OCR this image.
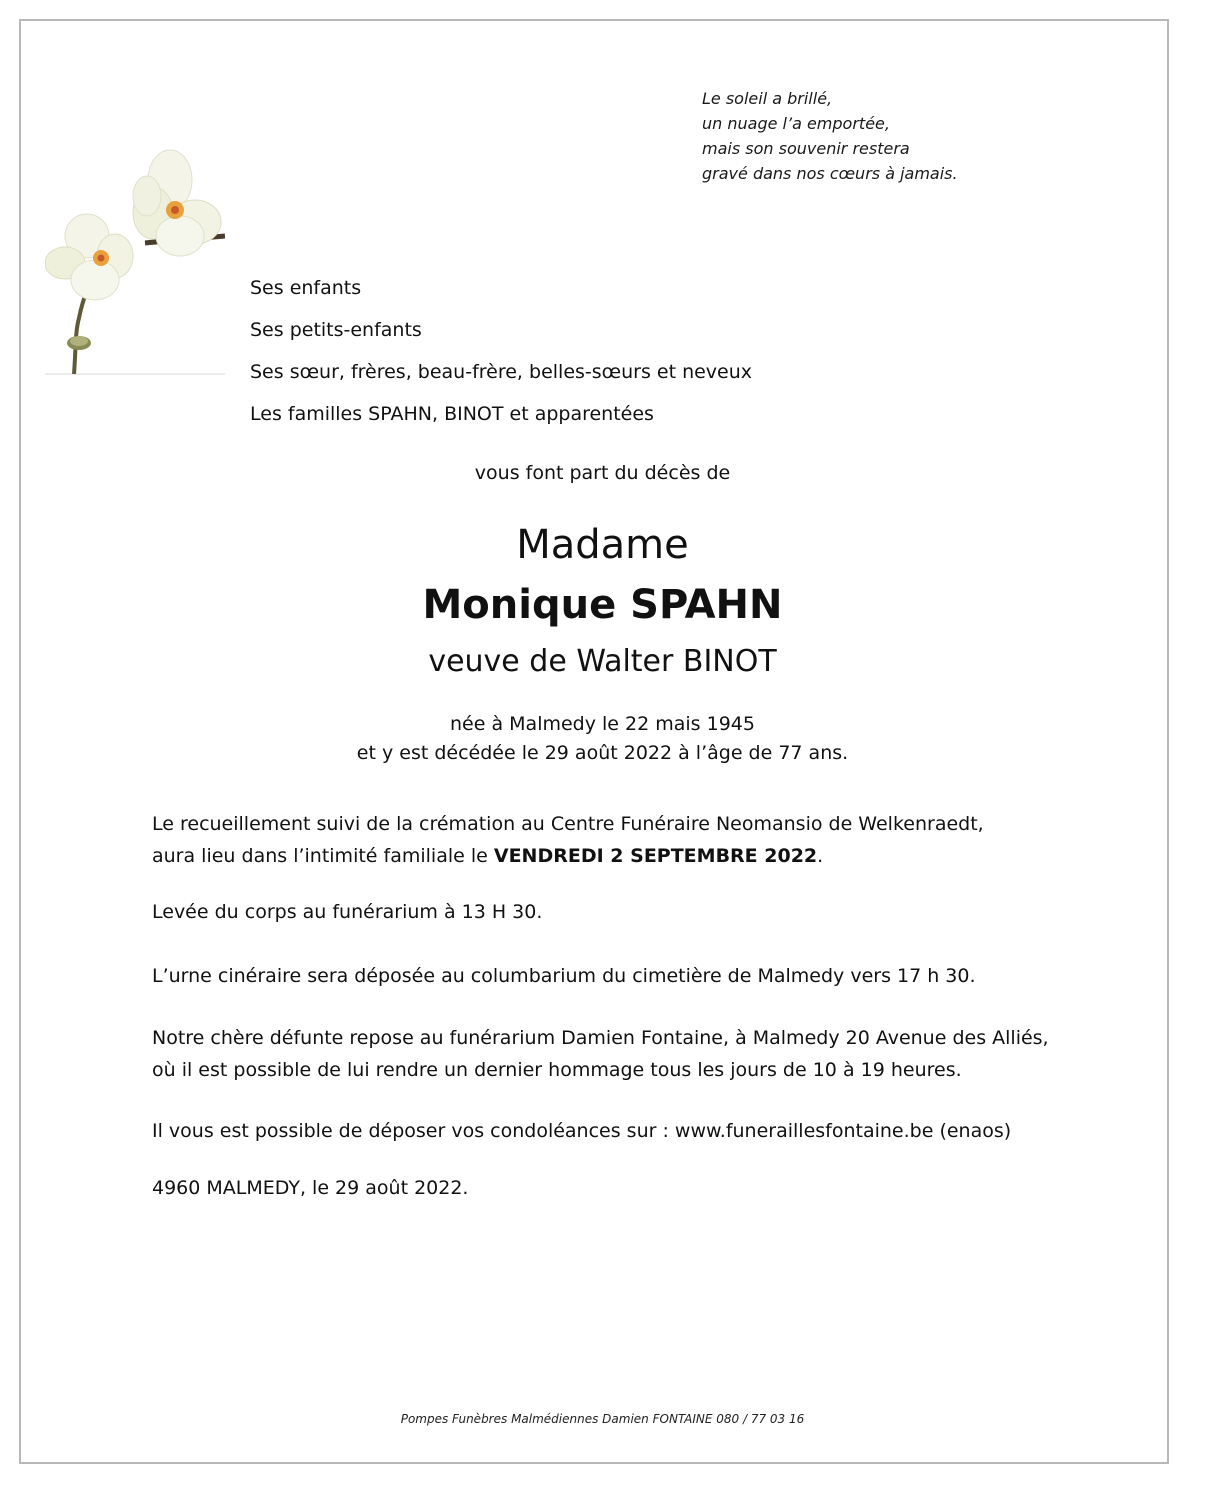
Le soleil a brillé,
un nuage l’a emportée,
mais son souvenir restera
gravé dans nos cœurs à jamais.
Ses enfants
Ses petits-enfants
Ses sœur, frères, beau-frère, belles-sœurs et neveux
Les familles SPAHN, BINOT et apparentées
vous font part du décès de
Madame
Monique SPAHN
veuve de Walter BINOT
née à Malmedy le 22 mais 1945
et y est décédée le 29 août 2022 à l’âge de 77 ans.
Le recueillement suivi de la crémation au Centre Funéraire Neomansio de Welkenraedt,
aura lieu dans l’intimité familiale le VENDREDI 2 SEPTEMBRE 2022.
Levée du corps au funérarium à 13 H 30.
L’urne cinéraire sera déposée au columbarium du cimetière de Malmedy vers 17 h 30.
Notre chère défunte repose au funérarium Damien Fontaine, à Malmedy 20 Avenue des Alliés,
où il est possible de lui rendre un dernier hommage tous les jours de 10 à 19 heures.
Il vous est possible de déposer vos condoléances sur : www.funeraillesfontaine.be (enaos)
4960 MALMEDY, le 29 août 2022.
Pompes Funèbres Malmédiennes Damien FONTAINE 080 / 77 03 16
